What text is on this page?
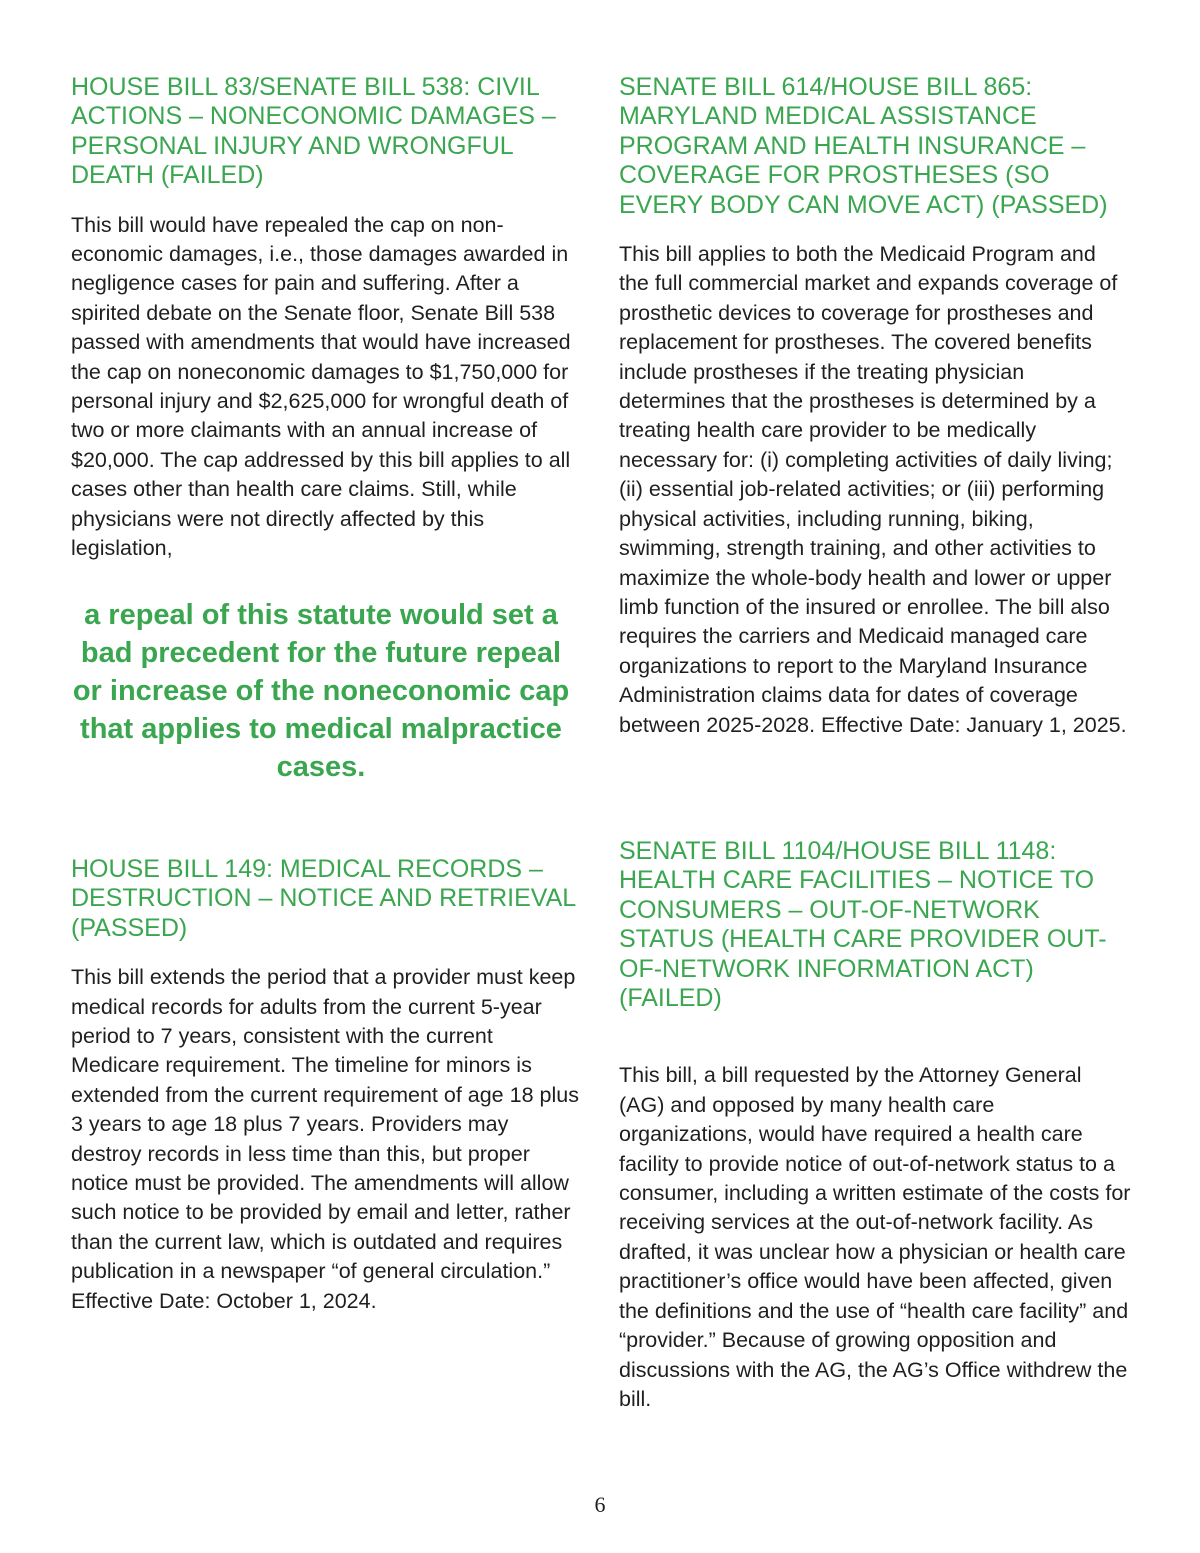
HOUSE BILL 83/SENATE BILL 538: CIVIL ACTIONS – NONECONOMIC DAMAGES – PERSONAL INJURY AND WRONGFUL DEATH (FAILED)

This bill would have repealed the cap on non-economic damages, i.e., those damages awarded in negligence cases for pain and suffering. After a spirited debate on the Senate floor, Senate Bill 538 passed with amendments that would have increased the cap on noneconomic damages to $1,750,000 for personal injury and $2,625,000 for wrongful death of two or more claimants with an annual increase of $20,000. The cap addressed by this bill applies to all cases other than health care claims. Still, while physicians were not directly affected by this legislation,

a repeal of this statute would set a bad precedent for the future repeal or increase of the noneconomic cap that applies to medical malpractice cases.

HOUSE BILL 149: MEDICAL RECORDS – DESTRUCTION – NOTICE AND RETRIEVAL (PASSED)

This bill extends the period that a provider must keep medical records for adults from the current 5-year period to 7 years, consistent with the current Medicare requirement. The timeline for minors is extended from the current requirement of age 18 plus 3 years to age 18 plus 7 years. Providers may destroy records in less time than this, but proper notice must be provided. The amendments will allow such notice to be provided by email and letter, rather than the current law, which is outdated and requires publication in a newspaper “of general circulation.” Effective Date: October 1, 2024.

SENATE BILL 614/HOUSE BILL 865: MARYLAND MEDICAL ASSISTANCE PROGRAM AND HEALTH INSURANCE – COVERAGE FOR PROSTHESES (SO EVERY BODY CAN MOVE ACT) (PASSED)

This bill applies to both the Medicaid Program and the full commercial market and expands coverage of prosthetic devices to coverage for prostheses and replacement for prostheses. The covered benefits include prostheses if the treating physician determines that the prostheses is determined by a treating health care provider to be medically necessary for: (i) completing activities of daily living; (ii) essential job-related activities; or (iii) performing physical activities, including running, biking, swimming, strength training, and other activities to maximize the whole-body health and lower or upper limb function of the insured or enrollee. The bill also requires the carriers and Medicaid managed care organizations to report to the Maryland Insurance Administration claims data for dates of coverage between 2025-2028. Effective Date: January 1, 2025.

SENATE BILL 1104/HOUSE BILL 1148: HEALTH CARE FACILITIES – NOTICE TO CONSUMERS – OUT-OF-NETWORK STATUS (HEALTH CARE PROVIDER OUT-OF-NETWORK INFORMATION ACT) (FAILED)

This bill, a bill requested by the Attorney General (AG) and opposed by many health care organizations, would have required a health care facility to provide notice of out-of-network status to a consumer, including a written estimate of the costs for receiving services at the out-of-network facility. As drafted, it was unclear how a physician or health care practitioner’s office would have been affected, given the definitions and the use of “health care facility” and “provider.” Because of growing opposition and discussions with the AG, the AG’s Office withdrew the bill.

6
